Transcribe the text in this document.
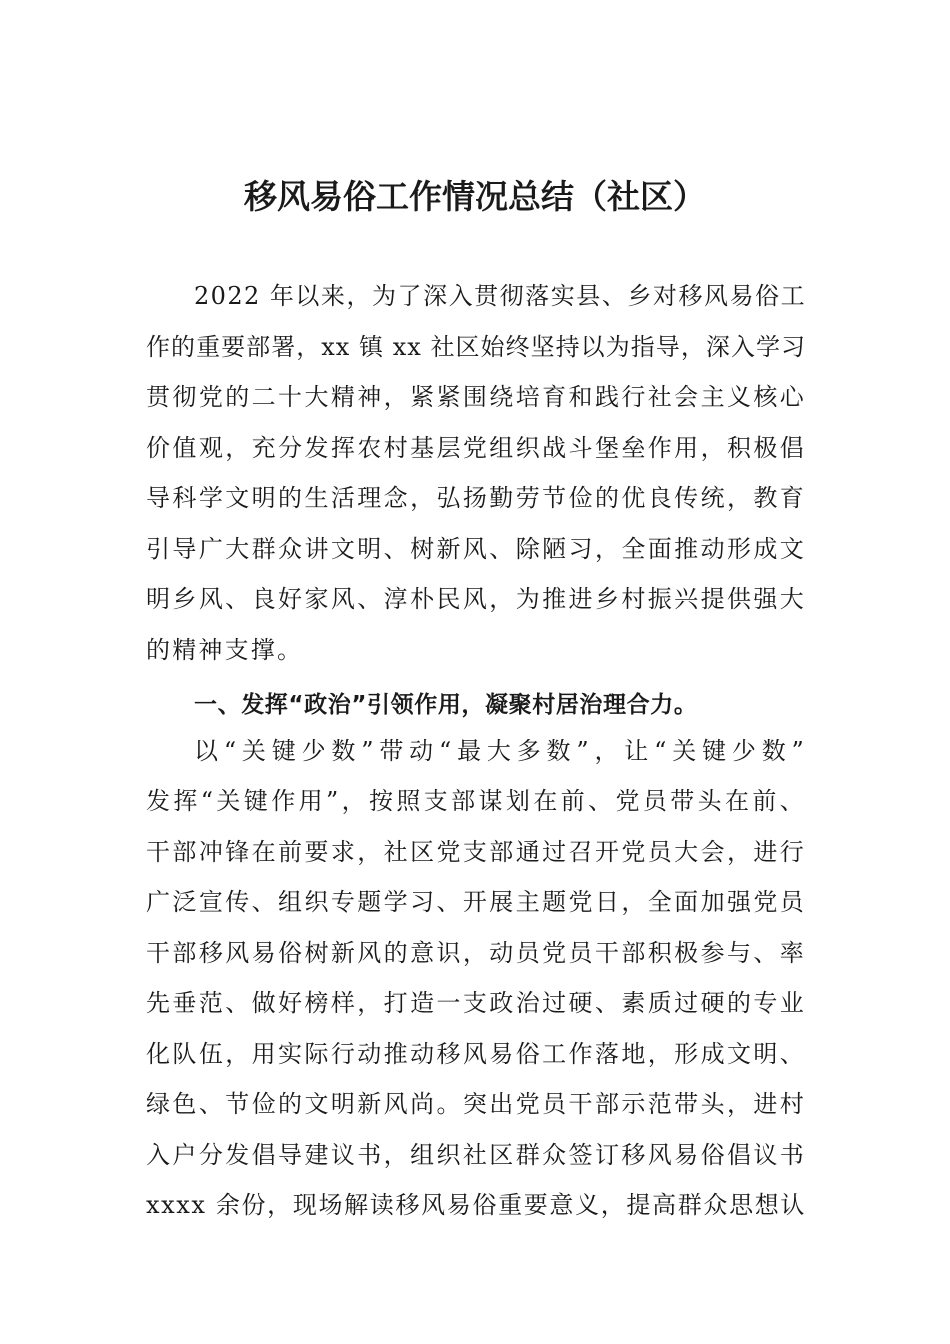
移风易俗工作情况总结（社区）
2022 年以来，为了深入贯彻落实县、乡对移风易俗工
作的重要部署，xx 镇 xx 社区始终坚持以为指导，深入学习
贯彻党的二十大精神，紧紧围绕培育和践行社会主义核心
价值观，充分发挥农村基层党组织战斗堡垒作用，积极倡
导科学文明的生活理念，弘扬勤劳节俭的优良传统，教育
引导广大群众讲文明、树新风、除陋习，全面推动形成文
明乡风、良好家风、淳朴民风，为推进乡村振兴提供强大
的精神支撑。
一、发挥“政治”引领作用，凝聚村居治理合力。
以“关键少数”带动“最大多数”，让“关键少数”
发挥“关键作用”，按照支部谋划在前、党员带头在前、
干部冲锋在前要求，社区党支部通过召开党员大会，进行
广泛宣传、组织专题学习、开展主题党日，全面加强党员
干部移风易俗树新风的意识，动员党员干部积极参与、率
先垂范、做好榜样，打造一支政治过硬、素质过硬的专业
化队伍，用实际行动推动移风易俗工作落地，形成文明、
绿色、节俭的文明新风尚。突出党员干部示范带头，进村
入户分发倡导建议书，组织社区群众签订移风易俗倡议书
xxxx 余份，现场解读移风易俗重要意义，提高群众思想认
